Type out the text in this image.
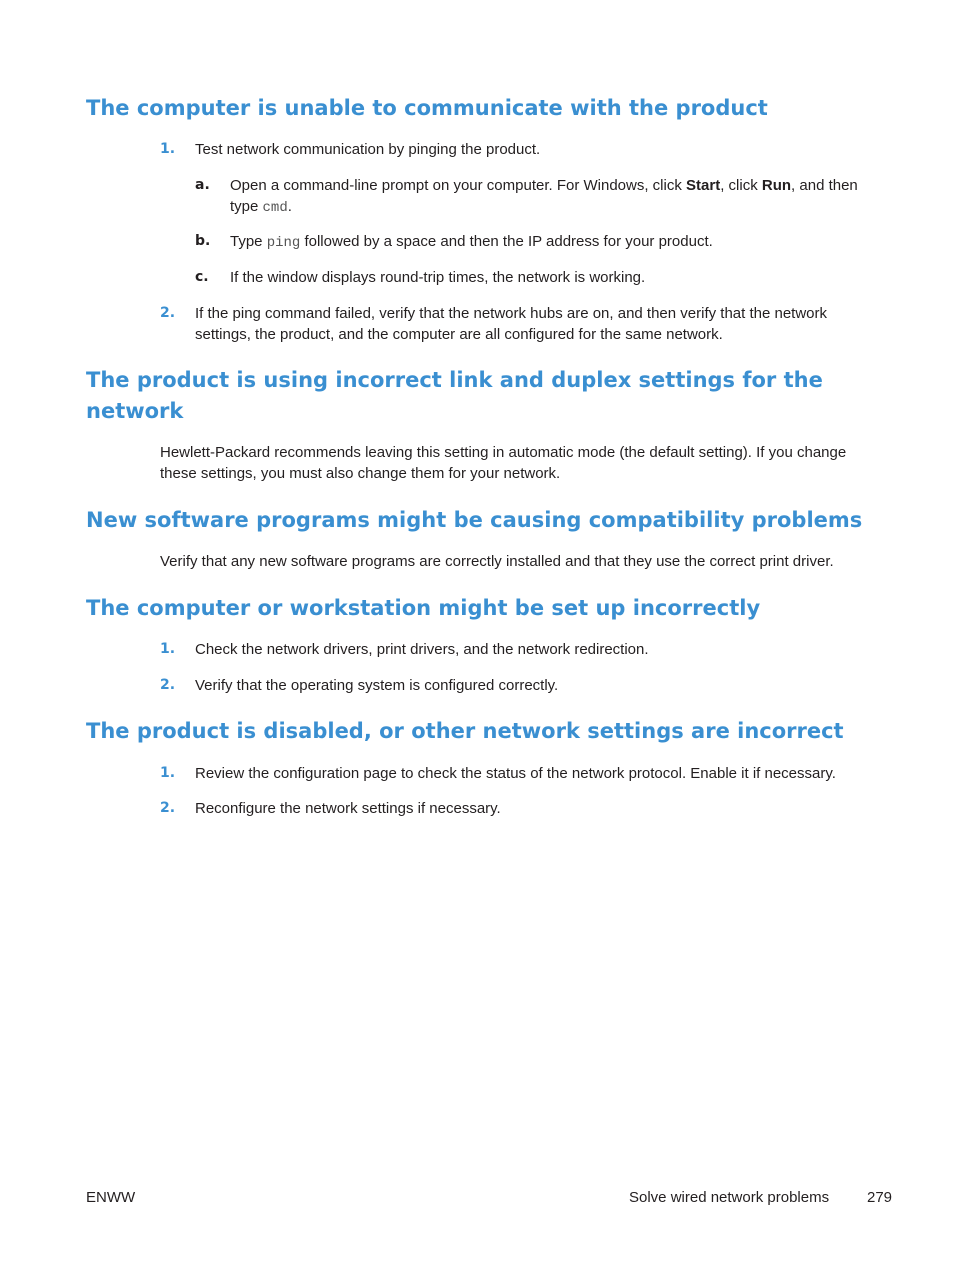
The computer is unable to communicate with the product
1. Test network communication by pinging the product.
a. Open a command-line prompt on your computer. For Windows, click Start, click Run, and then type cmd.
b. Type ping followed by a space and then the IP address for your product.
c. If the window displays round-trip times, the network is working.
2. If the ping command failed, verify that the network hubs are on, and then verify that the network settings, the product, and the computer are all configured for the same network.
The product is using incorrect link and duplex settings for the network

Hewlett-Packard recommends leaving this setting in automatic mode (the default setting). If you change these settings, you must also change them for your network.

New software programs might be causing compatibility problems

Verify that any new software programs are correctly installed and that they use the correct print driver.

The computer or workstation might be set up incorrectly
1. Check the network drivers, print drivers, and the network redirection.
2. Verify that the operating system is configured correctly.
The product is disabled, or other network settings are incorrect
1. Review the configuration page to check the status of the network protocol. Enable it if necessary.
2. Reconfigure the network settings if necessary.
ENWW	Solve wired network problems	279
